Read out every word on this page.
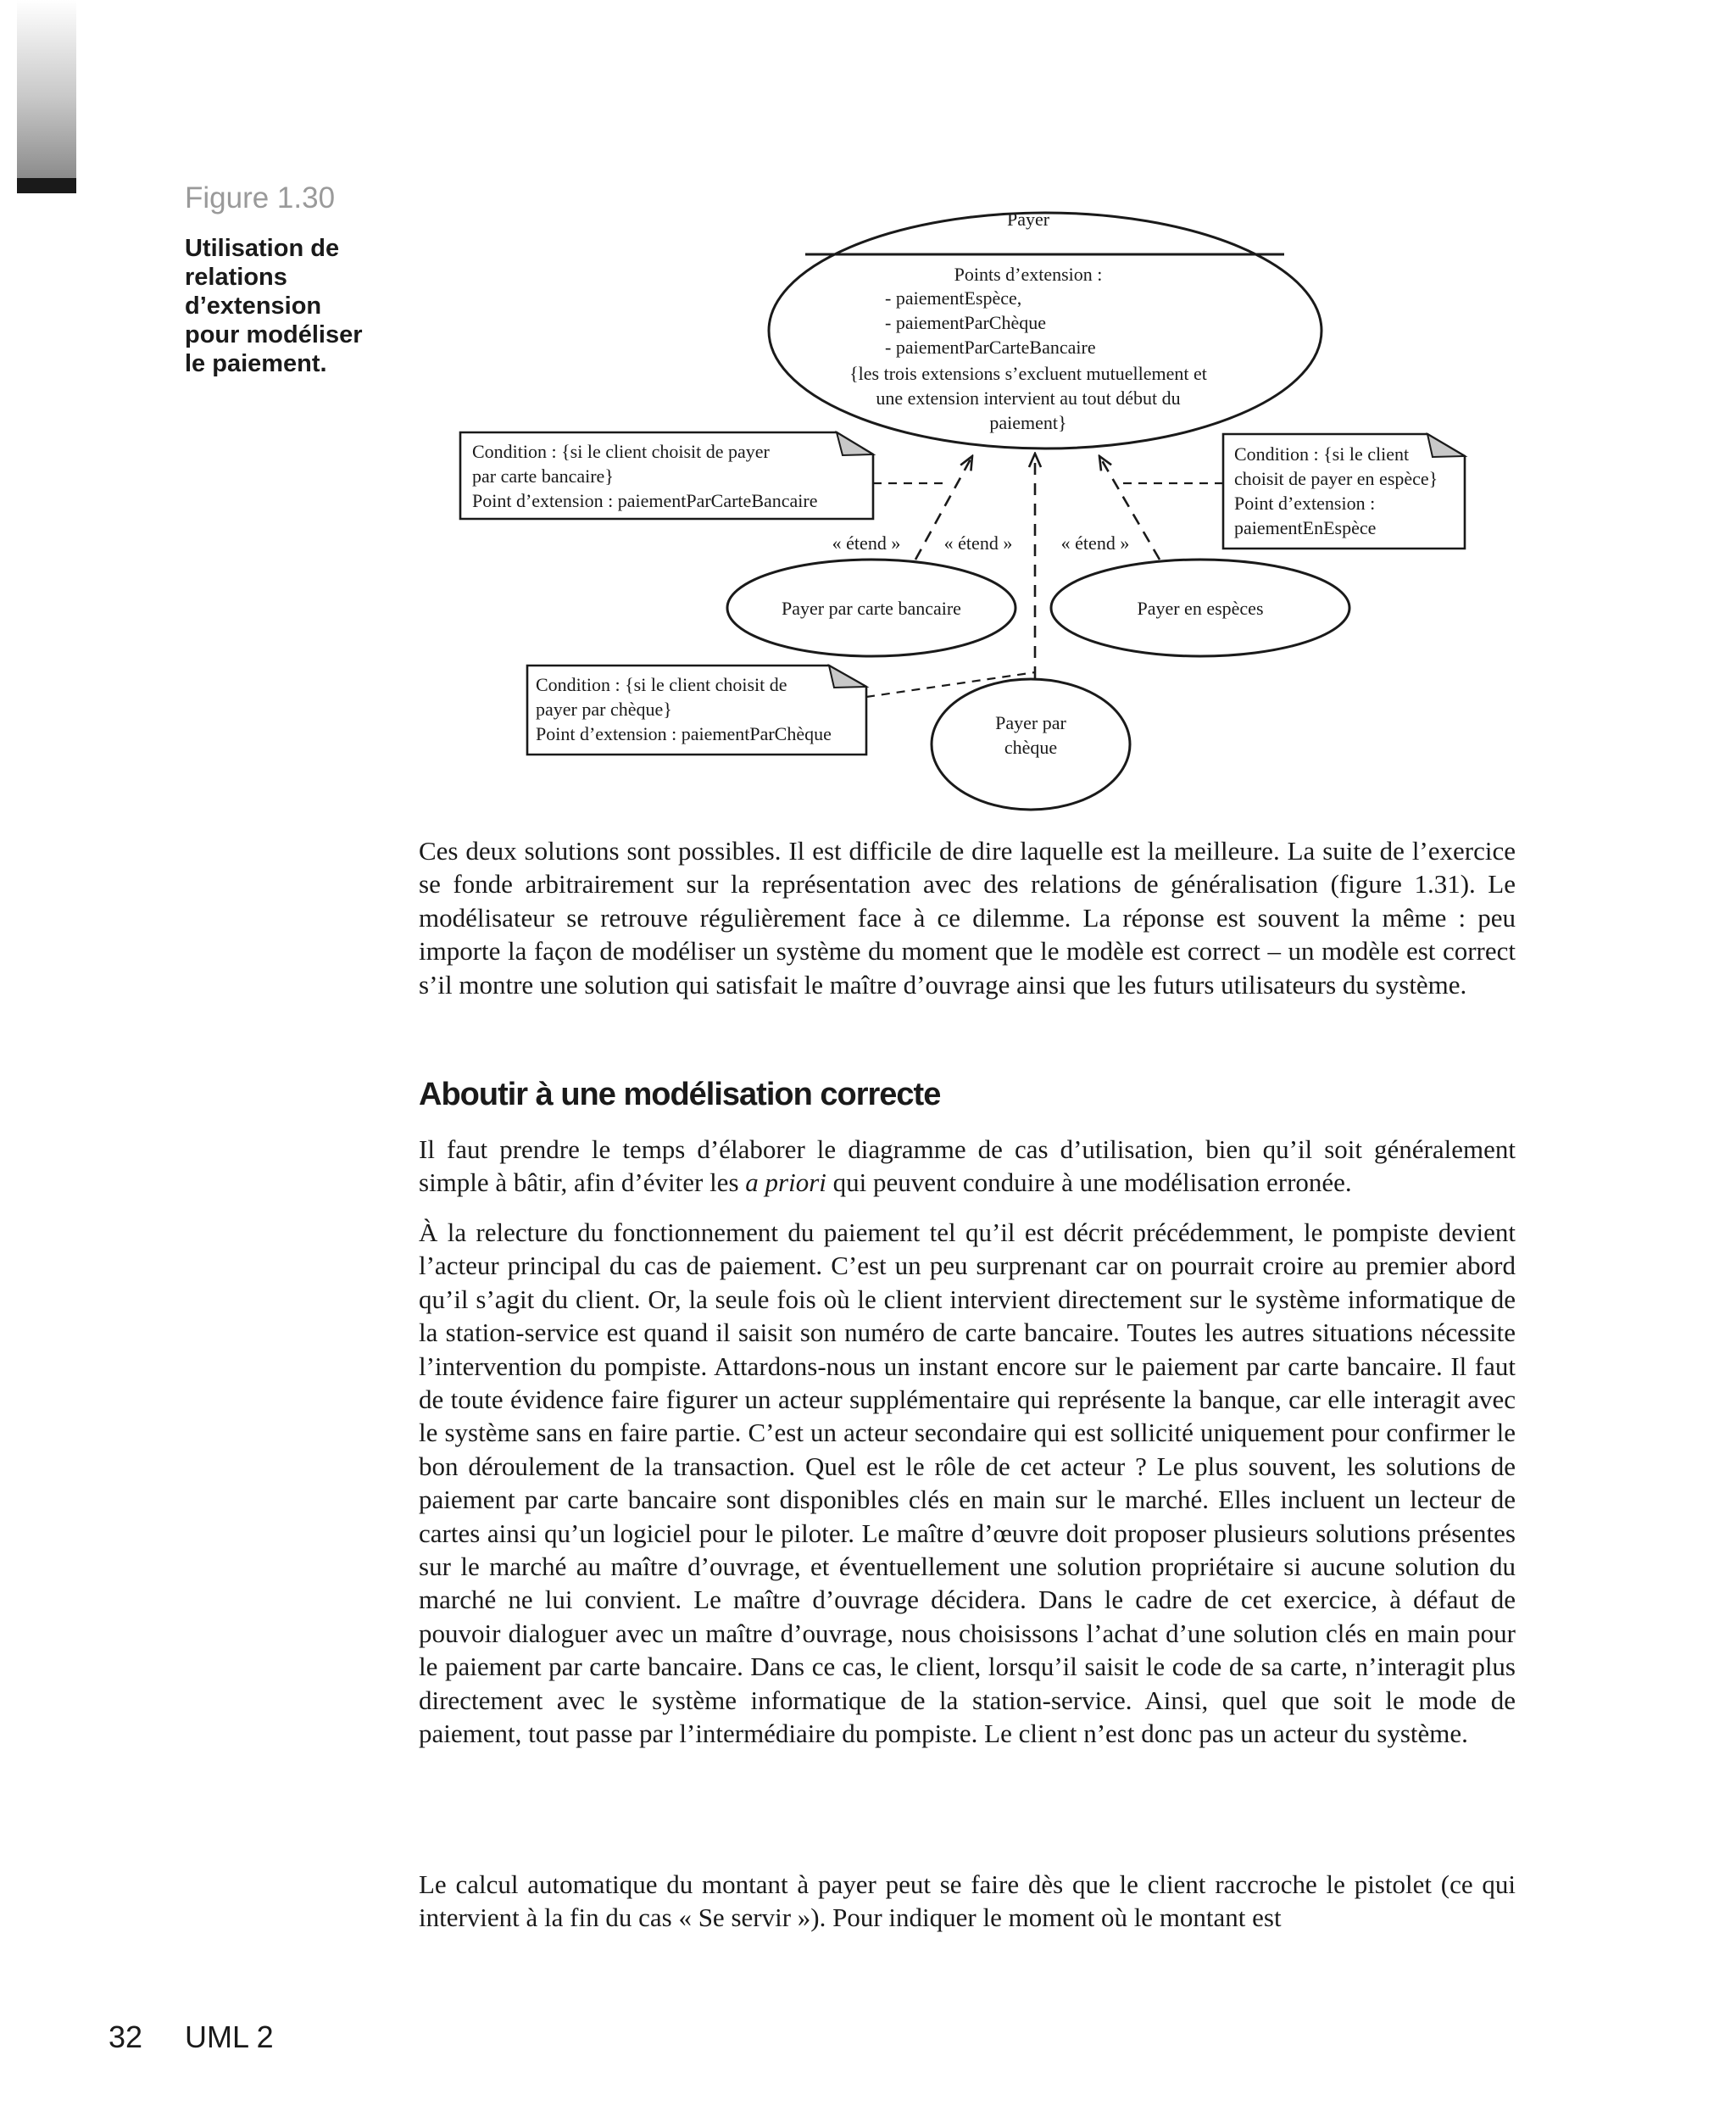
Figure 1.30
Utilisation de relations d’extension pour modéliser le paiement.
Payer
Points d’extension :
- paiementEspèce,
- paiementParChèque
- paiementParCarteBancaire
{les trois extensions s’excluent mutuellement et
une extension intervient au tout début du
paiement}
« étend » « étend »	« étend »
Payer par carte bancaire	Payer en espèces
Payer par
chèque
Condition : {si le client choisit de payer
par carte bancaire}
Point d’extension : paiementParCarteBancaire
Condition : {si le client
choisit de payer en espèce}
Point d’extension :
paiementEnEspèce
Condition : {si le client choisit de
payer par chèque}
Point d’extension : paiementParChèque

Ces deux solutions sont possibles. Il est difficile de dire laquelle est la meilleure. La suite de l’exercice se fonde arbitrairement sur la représentation avec des relations de généralisation (figure 1.31). Le modélisateur se retrouve régulièrement face à ce dilemme. La réponse est souvent la même : peu importe la façon de modéliser un système du moment que le modèle est correct – un modèle est correct s’il montre une solution qui satisfait le maître d’ouvrage ainsi que les futurs utilisateurs du système.

Aboutir à une modélisation correcte

Il faut prendre le temps d’élaborer le diagramme de cas d’utilisation, bien qu’il soit généralement simple à bâtir, afin d’éviter les a priori qui peuvent conduire à une modélisation erronée.

À la relecture du fonctionnement du paiement tel qu’il est décrit précédemment, le pompiste devient l’acteur principal du cas de paiement. C’est un peu surprenant car on pourrait croire au premier abord qu’il s’agit du client. Or, la seule fois où le client intervient directement sur le système informatique de la station-service est quand il saisit son numéro de carte bancaire. Toutes les autres situations nécessite l’intervention du pompiste. Attardons-nous un instant encore sur le paiement par carte bancaire. Il faut de toute évidence faire figurer un acteur supplémentaire qui représente la banque, car elle interagit avec le système sans en faire partie. C’est un acteur secondaire qui est sollicité uniquement pour confirmer le bon déroulement de la transaction. Quel est le rôle de cet acteur ? Le plus souvent, les solutions de paiement par carte bancaire sont disponibles clés en main sur le marché. Elles incluent un lecteur de cartes ainsi qu’un logiciel pour le piloter. Le maître d’œuvre doit proposer plusieurs solutions présentes sur le marché au maître d’ouvrage, et éventuellement une solution propriétaire si aucune solution du marché ne lui convient. Le maître d’ouvrage décidera. Dans le cadre de cet exercice, à défaut de pouvoir dialoguer avec un maître d’ouvrage, nous choisissons l’achat d’une solution clés en main pour le paiement par carte bancaire. Dans ce cas, le client, lorsqu’il saisit le code de sa carte, n’interagit plus directement avec le système informatique de la station-service. Ainsi, quel que soit le mode de paiement, tout passe par l’intermédiaire du pompiste. Le client n’est donc pas un acteur du système.

Le calcul automatique du montant à payer peut se faire dès que le client raccroche le pistolet (ce qui intervient à la fin du cas « Se servir »). Pour indiquer le moment où le montant est

32 UML 2
